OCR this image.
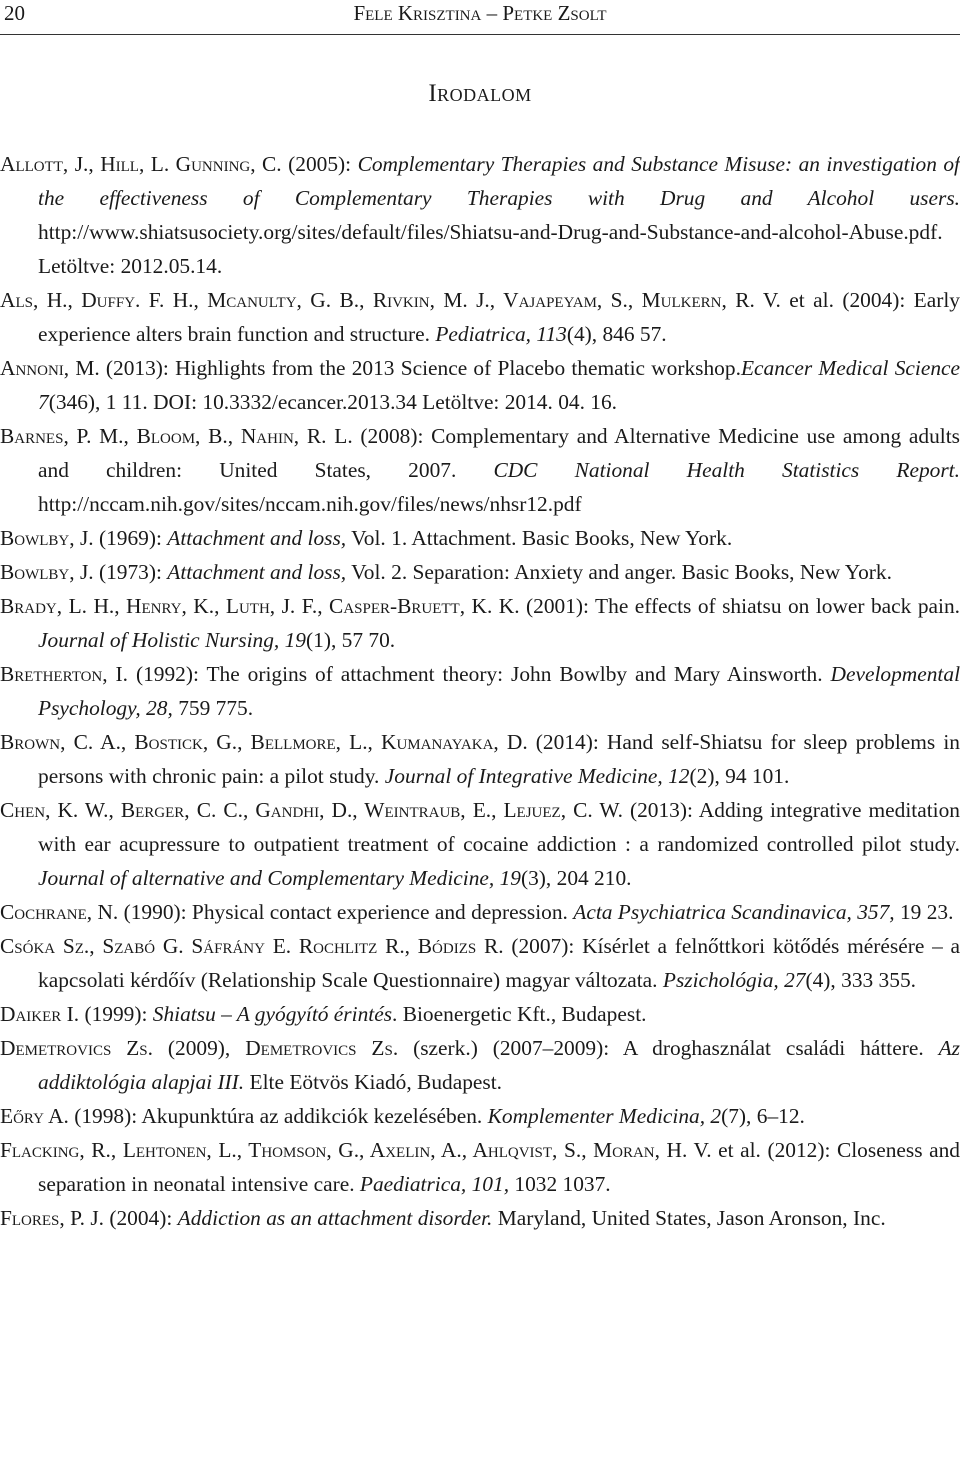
20	Fele Krisztina – Petke Zsolt
Irodalom
Allott, J., Hill, L. Gunning, C. (2005): Complementary Therapies and Substance Misuse: an investigation of the effectiveness of Complementary Therapies with Drug and Alcohol users. http://www.shiatsusociety.org/sites/default/files/Shiatsu-and-Drug-and-Substance-and-alcohol-Abuse.pdf. Letöltve: 2012.05.14.
Als, H., Duffy. F. H., Mcanulty, G. B., Rivkin, M. J., Vajapeyam, S., Mulkern, R. V. et al. (2004): Early experience alters brain function and structure. Pediatrica, 113(4), 846 57.
Annoni, M. (2013): Highlights from the 2013 Science of Placebo thematic workshop.Ecancer Medical Science 7(346), 1 11. DOI: 10.3332/ecancer.2013.34 Letöltve: 2014. 04. 16.
Barnes, P. M., Bloom, B., Nahin, R. L. (2008): Complementary and Alternative Medicine use among adults and children: United States, 2007. CDC National Health Statistics Report. http://nccam.nih.gov/sites/nccam.nih.gov/files/news/nhsr12.pdf
Bowlby, J. (1969): Attachment and loss, Vol. 1. Attachment. Basic Books, New York.
Bowlby, J. (1973): Attachment and loss, Vol. 2. Separation: Anxiety and anger. Basic Books, New York.
Brady, L. H., Henry, K., Luth, J. F., Casper-Bruett, K. K. (2001): The effects of shiatsu on lower back pain. Journal of Holistic Nursing, 19(1), 57 70.
Bretherton, I. (1992): The origins of attachment theory: John Bowlby and Mary Ainsworth. Developmental Psychology, 28, 759 775.
Brown, C. A., Bostick, G., Bellmore, L., Kumanayaka, D. (2014): Hand self-Shiatsu for sleep problems in persons with chronic pain: a pilot study. Journal of Integrative Medicine, 12(2), 94 101.
Chen, K. W., Berger, C. C., Gandhi, D., Weintraub, E., Lejuez, C. W. (2013): Adding integrative meditation with ear acupressure to outpatient treatment of cocaine addiction : a randomized controlled pilot study. Journal of alternative and Complementary Medicine, 19(3), 204 210.
Cochrane, N. (1990): Physical contact experience and depression. Acta Psychiatrica Scandinavica, 357, 19 23.
Csóka Sz., Szabó G. Sáfrány E. Rochlitz R., Bódizs R. (2007): Kísérlet a felnőttkori kötődés mérésére – a kapcsolati kérdőív (Relationship Scale Questionnaire) magyar változata. Pszichológia, 27(4), 333 355.
Daiker I. (1999): Shiatsu – A gyógyító érintés. Bioenergetic Kft., Budapest.
Demetrovics Zs. (2009), Demetrovics Zs. (szerk.) (2007–2009): A droghasználat családi háttere. Az addiktológia alapjai III. Elte Eötvös Kiadó, Budapest.
Eőry A. (1998): Akupunktúra az addikciók kezelésében. Komplementer Medicina, 2(7), 6–12.
Flacking, R., Lehtonen, L., Thomson, G., Axelin, A., Ahlqvist, S., Moran, H. V. et al. (2012): Closeness and separation in neonatal intensive care. Paediatrica, 101, 1032 1037.
Flores, P. J. (2004): Addiction as an attachment disorder. Maryland, United States, Jason Aronson, Inc.
